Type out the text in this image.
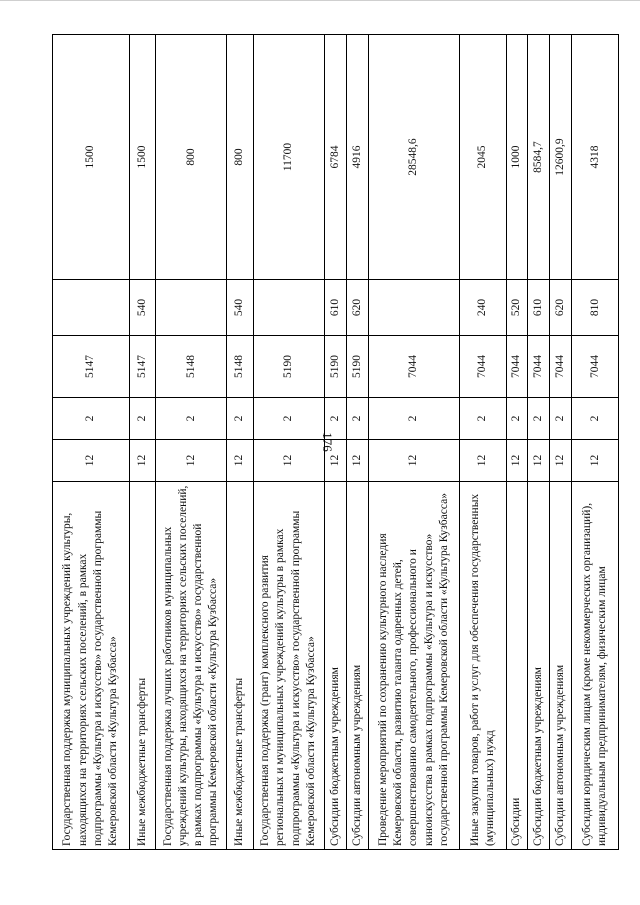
176
Государственная поддержка муниципальных учреждений культуры, находящихся на территориях сельских поселений, в рамках подпрограммы «Культура и искусство» государственной программы Кемеровской области «Культура Кузбасса»	12	2	5147		1500
Иные межбюджетные трансферты	12	2	5147	540	1500
Государственная поддержка лучших работников муниципальных учреждений культуры, находящихся на территориях сельских поселений, в рамках подпрограммы «Культура и искусство» государственной программы Кемеровской области «Культура Кузбасса»	12	2	5148		800
Иные межбюджетные трансферты	12	2	5148	540	800
Государственная поддержка (грант) комплексного развития региональных и муниципальных учреждений культуры в рамках подпрограммы «Культура и искусство» государственной программы Кемеровской области «Культура Кузбасса»	12	2	5190		11700
Субсидии бюджетным учреждениям	12	2	5190	610	6784
Субсидии автономным учреждениям	12	2	5190	620	4916
Проведение мероприятий по сохранению культурного наследия Кемеровской области, развитию таланта одаренных детей, совершенствованию самодеятельного, профессионального и киноискусства в рамках подпрограммы «Культура и искусство» государственной программы Кемеровской области «Культура Кузбасса»	12	2	7044		28548,6
Иные закупки товаров, работ и услуг для обеспечения государственных (муниципальных) нужд	12	2	7044	240	2045
Субсидии	12	2	7044	520	1000
Субсидии бюджетным учреждениям	12	2	7044	610	8584,7
Субсидии автономным учреждениям	12	2	7044	620	12600,9
Субсидии юридическим лицам (кроме некоммерческих организаций), индивидуальным предпринимателям, физическим лицам	12	2	7044	810	4318
